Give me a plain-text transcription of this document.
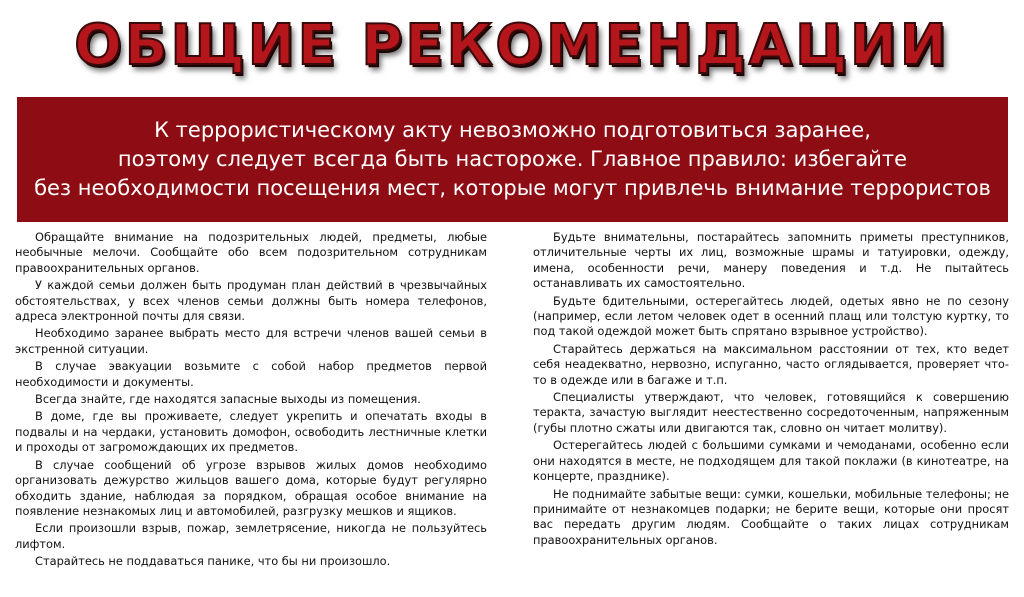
ОБЩИЕ РЕКОМЕНДАЦИИ
К террористическому акту невозможно подготовиться заранее,
поэтому следует всегда быть настороже. Главное правило: избегайте
без необходимости посещения мест, которые могут привлечь внимание террористов

Обращайте внимание на подозрительных людей, предметы, любые необычные мелочи. Сообщайте обо всем подозрительном сотрудникам правоохранительных органов.

У каждой семьи должен быть продуман план действий в чрезвычайных обстоятельствах, у всех членов семьи должны быть номера телефонов, адреса электронной почты для связи.

Необходимо заранее выбрать место для встречи членов вашей семьи в экстренной ситуации.

В случае эвакуации возьмите с собой набор предметов первой необходимости и документы.

Всегда знайте, где находятся запасные выходы из помещения.

В доме, где вы проживаете, следует укрепить и опечатать входы в подвалы и на чердаки, установить домофон, освободить лестничные клетки и проходы от загромождающих их предметов.

В случае сообщений об угрозе взрывов жилых домов необходимо организовать дежурство жильцов вашего дома, которые будут регулярно обходить здание, наблюдая за порядком, обращая особое внимание на появление незнакомых лиц и автомобилей, разгрузку мешков и ящиков.

Если произошли взрыв, пожар, землетрясение, никогда не пользуйтесь лифтом.

Старайтесь не поддаваться панике, что бы ни произошло.

Будьте внимательны, постарайтесь запомнить приметы преступников, отличительные черты их лиц, возможные шрамы и татуировки, одежду, имена, особенности речи, манеру поведения и т.д. Не пытайтесь останавливать их самостоятельно.

Будьте бдительными, остерегайтесь людей, одетых явно не по сезону (например, если летом человек одет в осенний плащ или толстую куртку, то под такой одеждой может быть спрятано взрывное устройство).

Старайтесь держаться на максимальном расстоянии от тех, кто ведет себя неадекватно, нервозно, испуганно, часто оглядывается, проверяет что-то в одежде или в багаже и т.п.

Специалисты утверждают, что человек, готовящийся к совершению теракта, зачастую выглядит неестественно сосредоточенным, напряженным (губы плотно сжаты или двигаются так, словно он читает молитву).

Остерегайтесь людей с большими сумками и чемоданами, особенно если они находятся в месте, не подходящем для такой поклажи (в кинотеатре, на концерте, празднике).

Не поднимайте забытые вещи: сумки, кошельки, мобильные телефоны; не принимайте от незнакомцев подарки; не берите вещи, которые они просят вас передать другим людям. Сообщайте о таких лицах сотрудникам правоохранительных органов.
